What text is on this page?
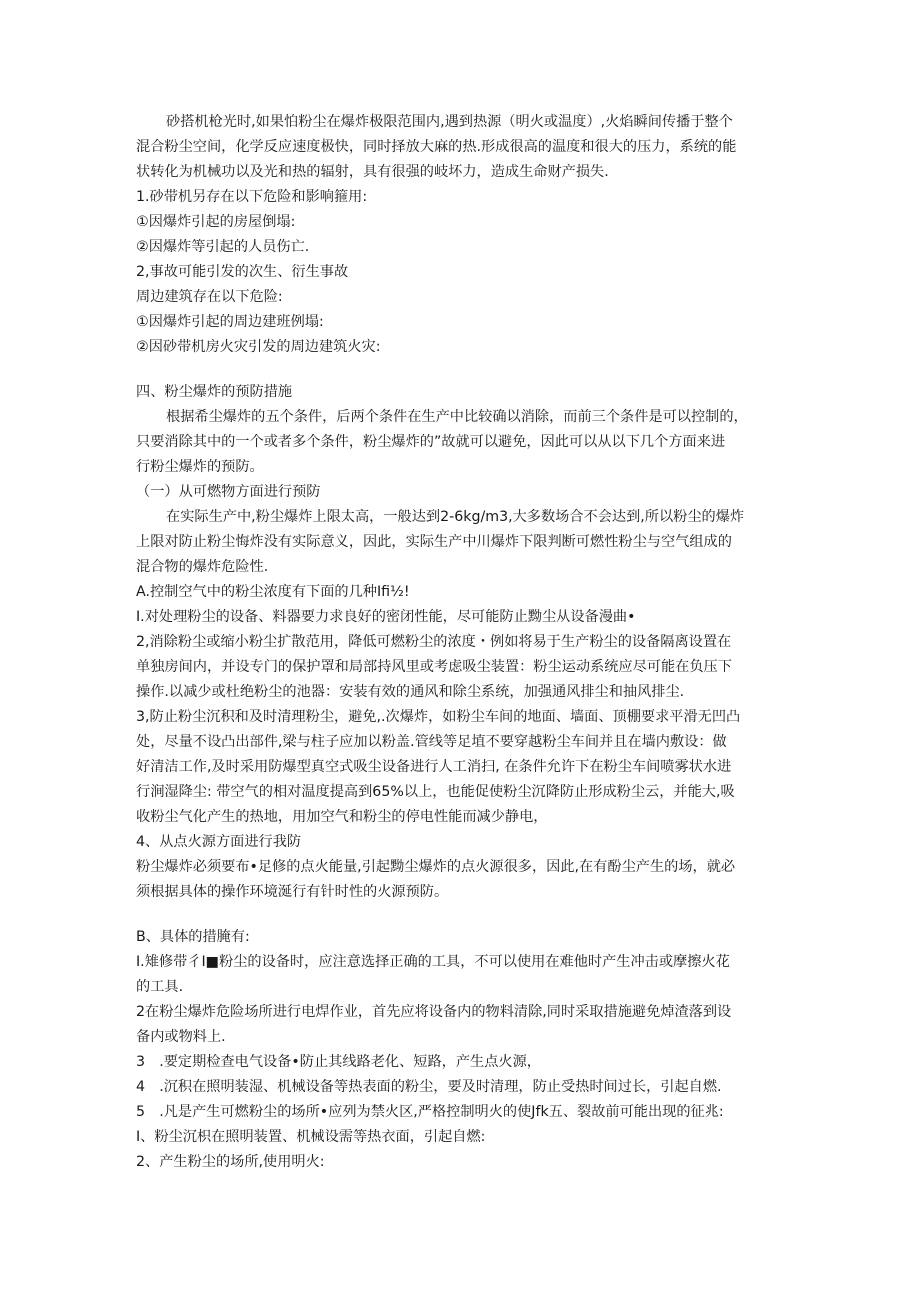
砂搭机枪光时,如果怕粉尘在爆炸极限范围内,遇到热源（明火或温度）,火焰瞬间传播于整个
混合粉尘空间，化学反应速度极快，同时择放大麻的热.形成很高的温度和很大的压力，系统的能
状转化为机械功以及光和热的辐射，具有很强的岐坏力，造成生命财产损失.
1.砂带机另存在以下危险和影响箍用:
①因爆炸引起的房屋倒塌:
②因爆炸等引起的人员伤亡.
2,事故可能引发的次生、衍生事故
周边建筑存在以下危险:
①因爆炸引起的周边建班例塌:
②因砂带机房火灾引发的周边建筑火灾:
四、粉尘爆炸的预防措施
根据希尘爆炸的五个条件，后两个条件在生产中比较确以消除，而前三个条件是可以控制的，
只要消除其中的一个或者多个条件，粉尘爆炸的”故就可以避免，因此可以从以下几个方面来进
行粉尘爆炸的预防。
（一）从可燃物方面进行预防
在实际生产中,粉尘爆炸上限太高，一般达到2-6kg/m3,大多数场合不会达到,所以粉尘的爆炸
上限对防止粉尘悔炸没有实际意义，因此，实际生产中川爆炸下限判断可燃性粉尘与空气组成的
混合物的爆炸危险性.
A.控制空气中的粉尘浓度有下面的几种Ifi½!
I.对处理粉尘的设备、料器要力求良好的密闭性能，尽可能防止黝尘从设备漫曲•
2,消除粉尘或缩小粉尘扩散范用，降低可燃粉尘的浓度・例如将易于生产粉尘的设备隔离设置在
单独房间内，并设专门的保护罩和局部持风里或考虑吸尘装置：粉尘运动系统应尽可能在负压下
操作.以减少或杜绝粉尘的池器：安装有效的通风和除尘系统，加强通风排尘和抽风排尘.
3,防止粉尘沉积和及时清理粉尘，避免,.次爆炸，如粉尘车间的地面、墙面、顶棚要求平滑无凹凸
处，尽量不设凸出部件,梁与柱子应加以粉盖.管线等足埴不要穿越粉尘车间并且在墙内敷设：做
好清洁工作,及时采用防爆型真空式吸尘设备进行人工消扫, 在条件允许下在粉尘车间喷雾状水进
行涧湿降尘: 带空气的相对温度提高到65%以上，也能促使粉尘沉降防止形成粉尘云，并能大,吸
收粉尘气化产生的热地，用加空气和粉尘的停电性能而减少静电，
4、从点火源方面进行我防
粉尘爆炸必须要布•足修的点火能量,引起黝尘爆炸的点火源很多，因此,在有酚尘产生的场，就必
须根据具体的操作环境涎行有针时性的火源预防。
B、具体的措腌有:
I.雉修带彳I■粉尘的设备时，应注意选择正确的工具，不可以使用在难他时产生冲击或摩擦火花
的工具.
2在粉尘爆炸危险场所进行电焊作业，首先应将设备内的物料清除,同时采取措施避免焯渣落到设
备内或物料上.
3　.要定期检查电气设备•防止其线路老化、短路，产生点火源，
4　.沉积在照明装湿、机械设备等热表面的粉尘，要及时清理，防止受热时间过长，引起自燃.
5　.凡是产生可燃粉尘的场所•应列为禁火区,严格控制明火的使Jfk五、裂故前可能出现的征兆:
I、粉尘沉枳在照明装置、机械设需等热衣面，引起自燃:
2、产生粉尘的场所,使用明火:
